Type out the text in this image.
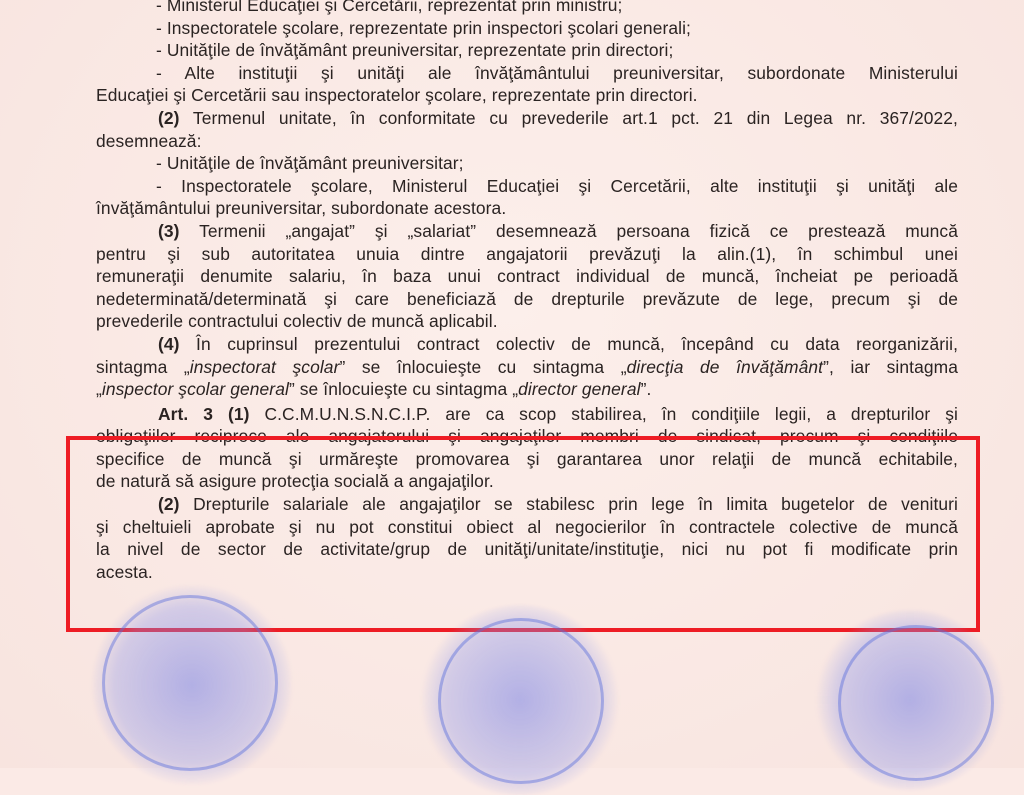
- Ministerul Educaţiei şi Cercetării, reprezentat prin ministru;
- Inspectoratele şcolare, reprezentate prin inspectori şcolari generali;
- Unităţile de învăţământ preuniversitar, reprezentate prin directori;
- Alte instituţii şi unităţi ale învăţământului preuniversitar, subordonate Ministerului
Educaţiei şi Cercetării sau inspectoratelor şcolare, reprezentate prin directori.
(2) Termenul unitate, în conformitate cu prevederile art.1 pct. 21 din Legea nr. 367/2022,
desemnează:
- Unităţile de învăţământ preuniversitar;
- Inspectoratele şcolare, Ministerul Educaţiei şi Cercetării, alte instituţii şi unităţi ale
învăţământului preuniversitar, subordonate acestora.
(3) Termenii „angajat” şi „salariat” desemnează persoana fizică ce prestează muncă
pentru şi sub autoritatea unuia dintre angajatorii prevăzuţi la alin.(1), în schimbul unei
remuneraţii denumite salariu, în baza unui contract individual de muncă, încheiat pe perioadă
nedeterminată/determinată şi care beneficiază de drepturile prevăzute de lege, precum şi de
prevederile contractului colectiv de muncă aplicabil.
(4) În cuprinsul prezentului contract colectiv de muncă, începând cu data reorganizării,
sintagma „inspectorat şcolar” se înlocuieşte cu sintagma „direcţia de învăţământ”, iar sintagma
„inspector şcolar general” se înlocuieşte cu sintagma „director general”.
Art. 3 (1) C.C.M.U.N.S.N.C.I.P. are ca scop stabilirea, în condiţiile legii, a drepturilor şi
obligaţiilor reciproce ale angajatorului şi angajaţilor membri de sindicat, precum şi condiţiile
specifice de muncă şi urmăreşte promovarea şi garantarea unor relaţii de muncă echitabile,
de natură să asigure protecţia socială a angajaţilor.
(2) Drepturile salariale ale angajaţilor se stabilesc prin lege în limita bugetelor de venituri
şi cheltuieli aprobate şi nu pot constitui obiect al negocierilor în contractele colective de muncă
la nivel de sector de activitate/grup de unităţi/unitate/instituţie, nici nu pot fi modificate prin
acesta.
